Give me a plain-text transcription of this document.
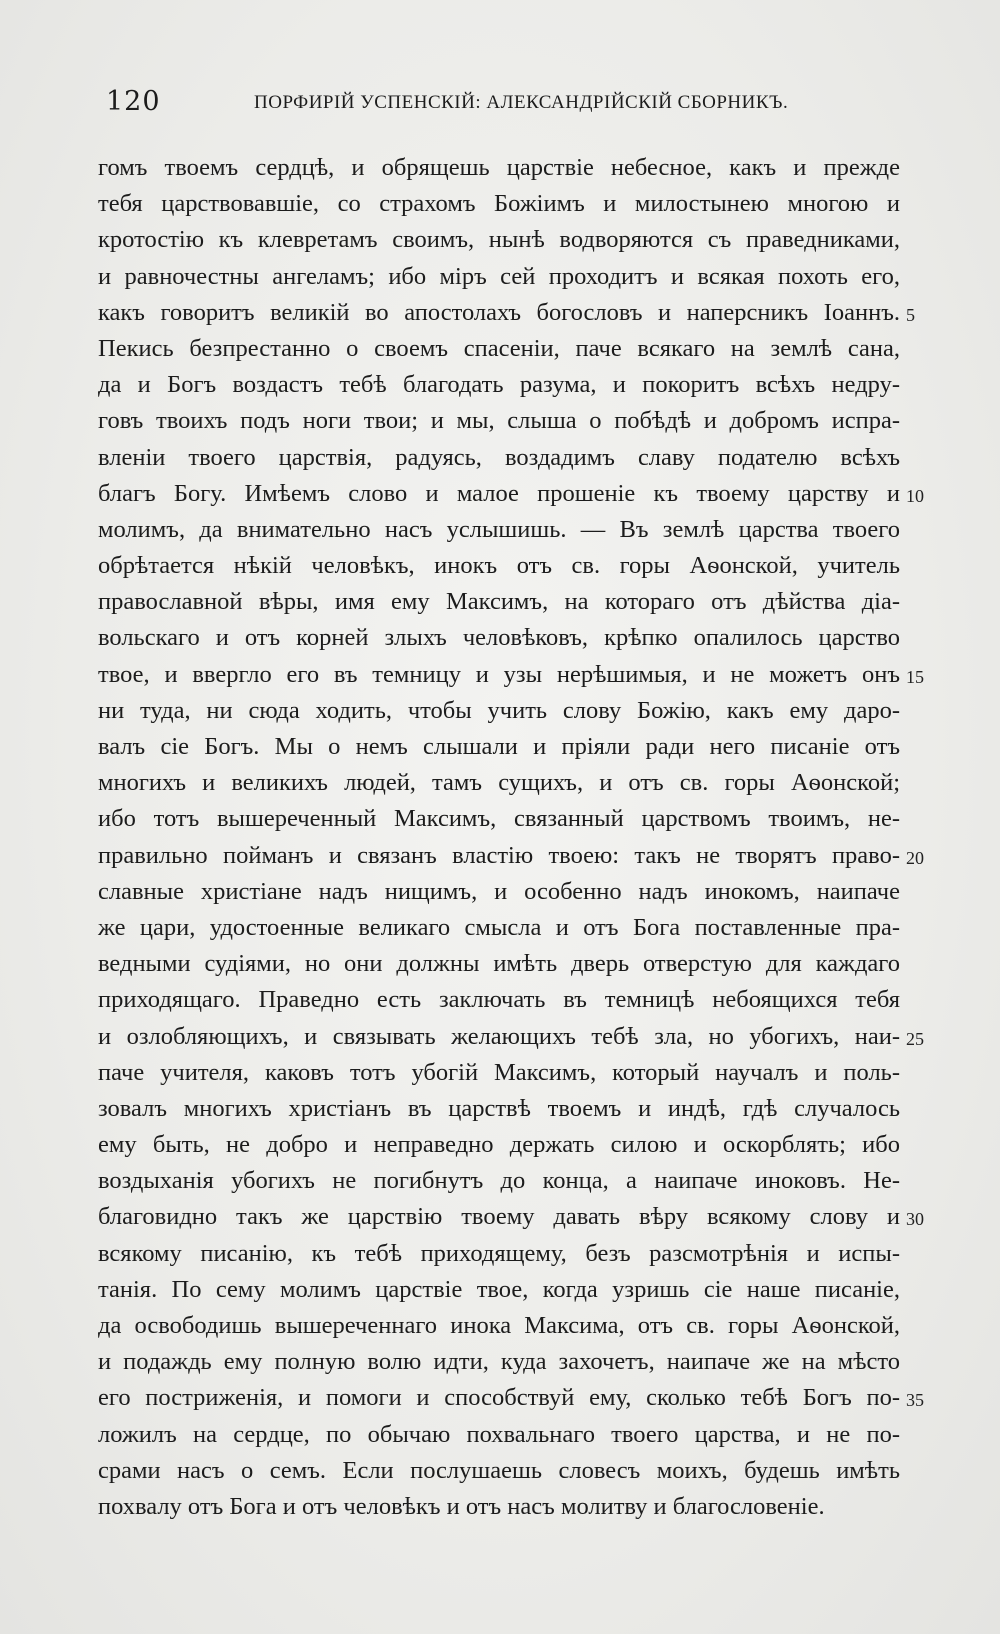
120	ПОРФИРІЙ УСПЕНСКІЙ: АЛЕКСАНДРІЙСКІЙ СБОРНИКЪ.
гомъ твоемъ сердцѣ, и обрящешь царствіе небесное, какъ и прежде
тебя царствовавшіе, со страхомъ Божіимъ и милостынею многою и
кротостію къ клевретамъ своимъ, нынѣ водворяются съ праведниками,
и равночестны ангеламъ; ибо міръ сей проходитъ и всякая похоть его,
какъ говоритъ великій во апостолахъ богословъ и наперсникъ Іоаннъ. 5
Пекись безпрестанно о своемъ спасеніи, паче всякаго на землѣ сана,
да и Богъ воздастъ тебѣ благодать разума, и покоритъ всѣхъ недру-
говъ твоихъ подъ ноги твои; и мы, слыша о побѣдѣ и добромъ испра-
вленіи твоего царствія, радуясь, воздадимъ славу подателю всѣхъ
благъ Богу. Имѣемъ слово и малое прошеніе къ твоему царству и 10
молимъ, да внимательно насъ услышишь. — Въ землѣ царства твоего
обрѣтается нѣкій человѣкъ, инокъ отъ св. горы Аѳонской, учитель
православной вѣры, имя ему Максимъ, на котораго отъ дѣйства діа-
вольскаго и отъ корней злыхъ человѣковъ, крѣпко опалилось царство
твое, и ввергло его въ темницу и узы нерѣшимыя, и не можетъ онъ 15
ни туда, ни сюда ходить, чтобы учить слову Божію, какъ ему даро-
валъ сіе Богъ. Мы о немъ слышали и пріяли ради него писаніе отъ
многихъ и великихъ людей, тамъ сущихъ, и отъ св. горы Аѳонской;
ибо тотъ вышереченный Максимъ, связанный царствомъ твоимъ, не-
правильно пойманъ и связанъ властію твоею: такъ не творятъ право- 20
славные христіане надъ нищимъ, и особенно надъ инокомъ, наипаче
же цари, удостоенные великаго смысла и отъ Бога поставленные пра-
ведными судіями, но они должны имѣть дверь отверстую для каждаго
приходящаго. Праведно есть заключать въ темницѣ небоящихся тебя
и озлобляющихъ, и связывать желающихъ тебѣ зла, но убогихъ, наи- 25
паче учителя, каковъ тотъ убогій Максимъ, который научалъ и поль-
зовалъ многихъ христіанъ въ царствѣ твоемъ и индѣ, гдѣ случалось
ему быть, не добро и неправедно держать силою и оскорблять; ибо
воздыханія убогихъ не погибнутъ до конца, а наипаче иноковъ. Не-
благовидно такъ же царствію твоему давать вѣру всякому слову и 30
всякому писанію, къ тебѣ приходящему, безъ разсмотрѣнія и испы-
танія. По сему молимъ царствіе твое, когда узришь сіе наше писаніе,
да освободишь вышереченнаго инока Максима, отъ св. горы Аѳонской,
и подаждь ему полную волю идти, куда захочетъ, наипаче же на мѣсто
его постриженія, и помоги и способствуй ему, сколько тебѣ Богъ по- 35
ложилъ на сердце, по обычаю похвальнаго твоего царства, и не по-
срами насъ о семъ. Если послушаешь словесъ моихъ, будешь имѣть
похвалу отъ Бога и отъ человѣкъ и отъ насъ молитву и благословеніе.
